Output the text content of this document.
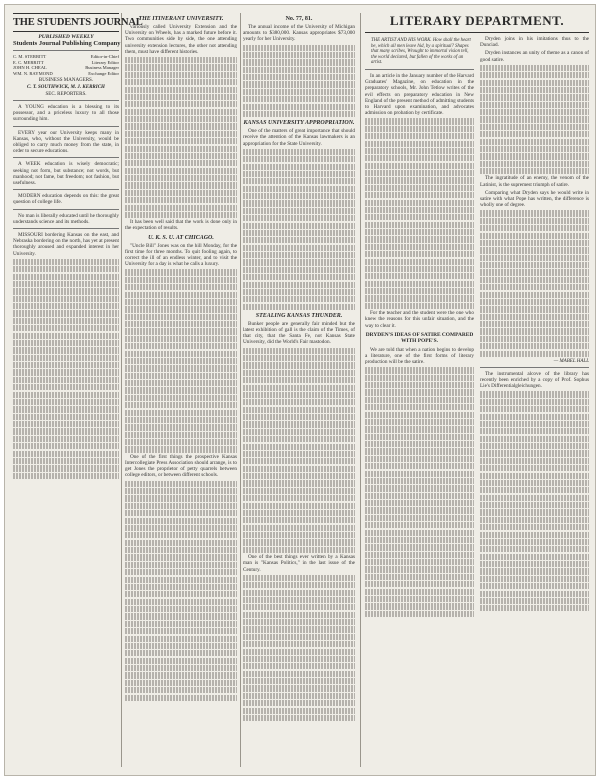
THE STUDENTS JOURNAL
PUBLISHED WEEKLY
Students Journal Publishing Company
C. M. STERRITT	Editor-in-Chief
E. C. MERRITT	Literary Editor
JOHN H. CHEAL	Business Manager
WM. N. RAYMOND	Exchange Editor
BUSINESS MANAGERS.
C. T. SOUTHWICK, M. J. KERRICH
SEC. REPORTERS.

A YOUNG education is a blessing to its possessor, and a priceless luxury to all those surrounding him.

EVERY year our University keeps many in Kansas, who, without the University, would be obliged to carry much money from the state, in order to secure educations.

A WEEK education is wisely democratic; seeking not form, but substance; not words, but manhood; not fame, but freedom; not fashion, but usefulness.

MODERN education depends on this: the great question of college life.

No man is liberally educated until he thoroughly understands science and its methods.

MISSOURI bordering Kansas on the east, and Nebraska bordering on the north, has yet at present thoroughly aroused and expanded interest in her University.

THE ITINERANT UNIVERSITY.

variously called University Extension and the University on Wheels, has a marked future before it. Two communities side by side, the one attending university extension lectures, the other not attending them, must have different histories.

It has been well said that the work is done only in the expectation of results.

U. K. S. U. AT CHICAGO.

"Uncle Bill" Jones was on the hill Monday, for the first time for three months. To quit fooling again, to correct the ill of an endless winter, and to visit the University for a day is what he calls a luxury.

One of the first things the prospective Kansas Intercollegiate Press Association should arrange, is to get Jones the proprietor of petty quarrels between college editors, or between different schools.

No. 77, 81.

The annual income of the University of Michigan amounts to $380,000. Kansas appropriates $73,000 yearly for her University.

KANSAS UNIVERSITY APPROPRIATION.

One of the matters of great importance that should receive the attention of the Kansas lawmakers is an appropriation for the State University.

STEALING KANSAS THUNDER.

Bunker people are generally fair minded but the latest exhibition of gall is the claim of the Times, of that city, that the Santa Fe, not Kansas State University, did the World's Fair mastodon.

One of the best things ever written by a Kansas man is "Kansas Politics," in the last issue of the Century.

LITERARY DEPARTMENT.
THE ARTIST AND HIS WORK. How shall the heart be, which all men leave hid, by a spiritual? Shapes that many scribes, Wrought to immortal vision tell, the world declared, but fallen of the works of an artist.

In an article in the January number of the Harvard Graduates' Magazine, on education in the preparatory schools, Mr. John Tetlow writes of the evil effects on preparatory education in New England of the present method of admitting students to Harvard upon examination, and advocates admission on probation by certificate.

For the teacher and the student were the one who knew the reasons for this unfair situation, and the way to clear it.

DRYDEN'S IDEAS OF SATIRE COMPARED WITH POPE'S.

We are told that when a nation begins to develop a literature, one of the first forms of literary production will be the satire.

Dryden joins in his imitations thus to the Dunciad.

Dryden instances an unity of theme as a canon of good satire.

The ingratitude of an enemy, the venom of the Latinist, is the supremest triumph of satire.

Comparing what Dryden says he would write in satire with what Pope has written, the difference is wholly one of degree.

— MABEL HALL

The instrumental alcove of the library has recently been enriched by a copy of Prof. Sophus Lie's Differentialgleichungen.
